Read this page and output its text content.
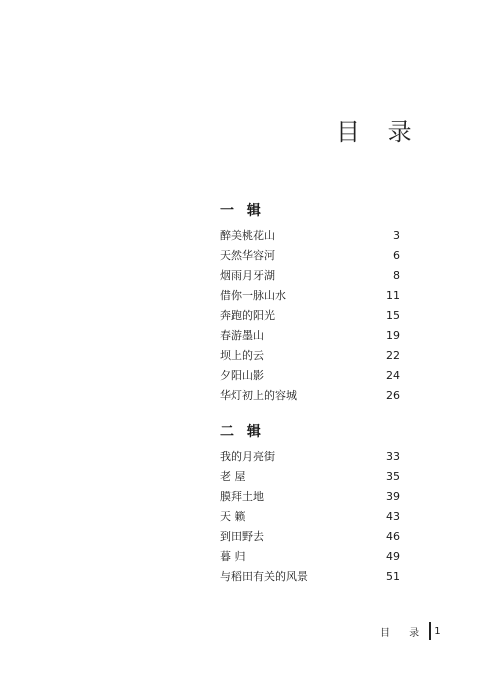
目 录
一 辑
醉美桃花山	3
天然华容河	6
烟雨月牙湖	8
借你一脉山水	11
奔跑的阳光	15
春游墨山	19
坝上的云	22
夕阳山影	24
华灯初上的容城	26
二 辑
我的月亮街	33
老 屋	35
膜拜土地	39
天 籁	43
到田野去	46
暮 归	49
与稻田有关的风景	51
目 录 1
